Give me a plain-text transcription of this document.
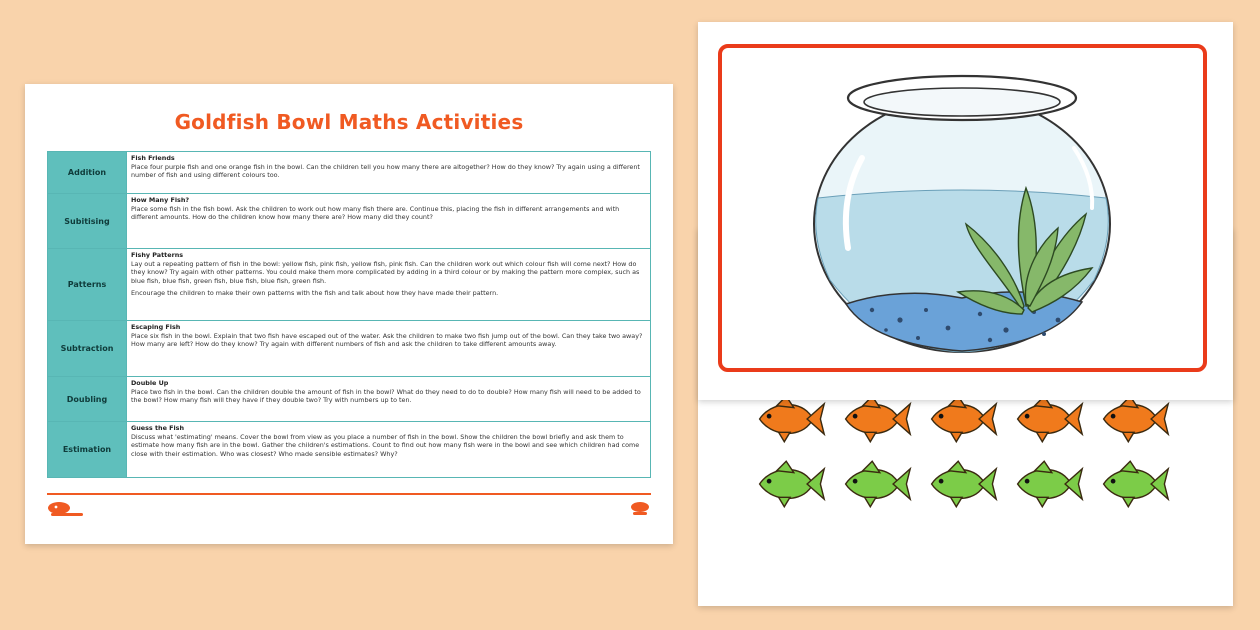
Goldfish Bowl Maths Activities
Addition	Fish Friends
Place four purple fish and one orange fish in the bowl. Can the children tell you how many there are altogether? How do they know? Try again using a different number of fish and using different colours too.

Subitising	How Many Fish?
Place some fish in the fish bowl. Ask the children to work out how many fish there are. Continue this, placing the fish in different arrangements and with different amounts. How do the children know how many there are? How many did they count?

Patterns	Fishy Patterns
Lay out a repeating pattern of fish in the bowl: yellow fish, pink fish, yellow fish, pink fish. Can the children work out which colour fish will come next? How do they know? Try again with other patterns. You could make them more complicated by adding in a third colour or by making the pattern more complex, such as blue fish, blue fish, green fish, blue fish, blue fish, green fish.
Encourage the children to make their own patterns with the fish and talk about how they have made their pattern.

Subtraction	Escaping Fish
Place six fish in the bowl. Explain that two fish have escaped out of the water. Ask the children to make two fish jump out of the bowl. Can they take two away? How many are left? How do they know? Try again with different numbers of fish and ask the children to take different amounts away.

Doubling	Double Up
Place two fish in the bowl. Can the children double the amount of fish in the bowl? What do they need to do to double? How many fish will need to be added to the bowl? How many fish will they have if they double two? Try with numbers up to ten.

Estimation	Guess the Fish
Discuss what 'estimating' means. Cover the bowl from view as you place a number of fish in the bowl. Show the children the bowl briefly and ask them to estimate how many fish are in the bowl. Gather the children's estimations. Count to find out how many fish were in the bowl and see which children had come close with their estimation. Who was closest? Who made sensible estimates? Why?
